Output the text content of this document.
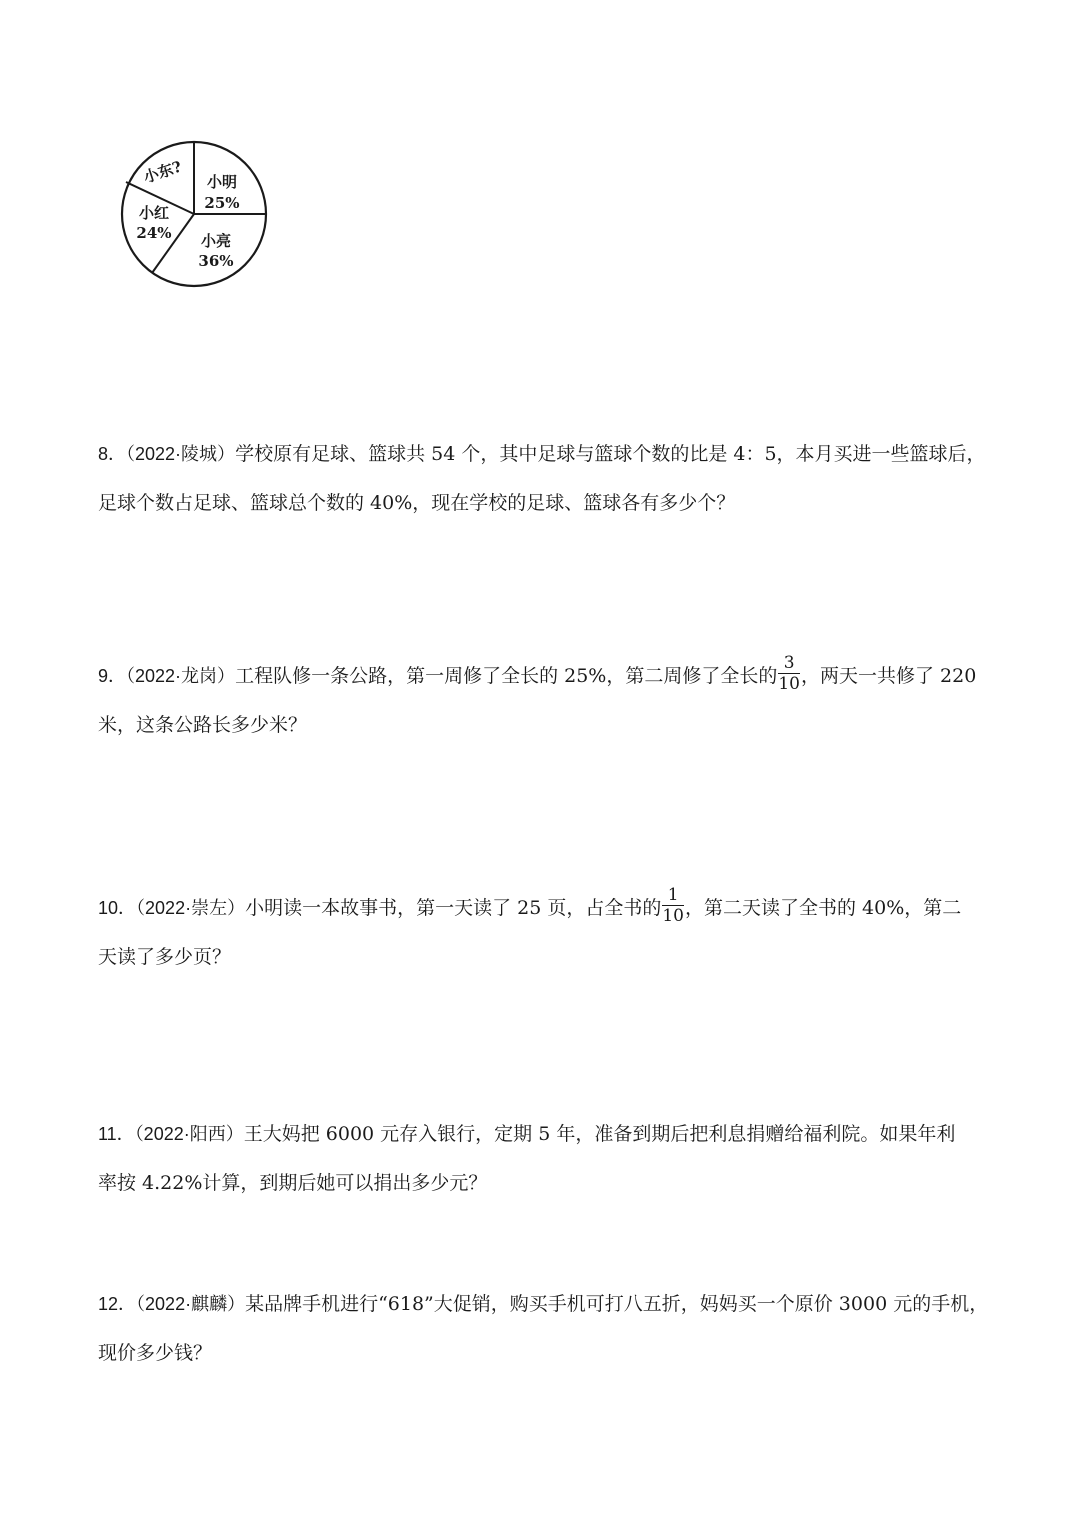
小东? 小明
25%
小红
24% 小亮
36%
8．（2022·陵城）学校原有足球、篮球共 54 个，其中足球与篮球个数的比是 4：5，本月买进一些篮球后，
足球个数占足球、篮球总个数的 40%，现在学校的足球、篮球各有多少个？
9．（2022·龙岗）工程队修一条公路，第一周修了全长的 25%，第二周修了全长的 $\frac{3}{10}$ ，两天一共修了 220
米，这条公路长多少米？
10．（2022·崇左）小明读一本故事书，第一天读了 25 页，占全书的 $\frac{1}{10}$ ，第二天读了全书的 40%，第二
天读了多少页？
11．（2022·阳西）王大妈把 6000 元存入银行，定期 5 年，准备到期后把利息捐赠给福利院。如果年利
率按 4.22%计算，到期后她可以捐出多少元？
12．（2022·麒麟）某品牌手机进行“618”大促销，购买手机可打八五折，妈妈买一个原价 3000 元的手机，
现价多少钱？
